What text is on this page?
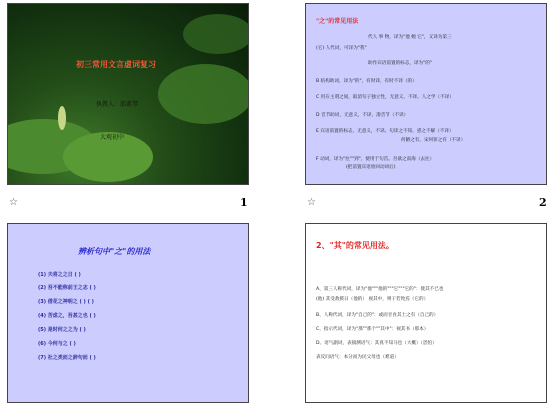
初三常用文言虚词复习
执教人：邵素琴
大观初中
☆	1
"之"的常见用法
代人 事 物，译为"他 她 它"，又译为第三
(它) 人代词，可译为"我"
助作宾语前置的标志，译为"的"
B 结构助词，译为"的"，有时译，有时不译（的）
C 用在主谓之间，取消句子独立性，无意义，不译。人之学（不译）
D 音节助词，无意义，不译，凑音节（不译）
E 宾语前置的标志，无意义，不译。句读之不知，惑之不解（不译）
何陋之有，宋何罪之有（不译）
F 动词，译为"往""到"，使用于句首。吾欲之南海（去往）
(把前置宾语放回动词后)
☆	2
辨析句中"之"的用法
(1) 夫将之之日 ( )
(2) 吾不能称前王之志 ( )
(3) 借花之神明之 ( ) ( )
(4) 苦虑之，吾甚之也 ( )
(5) 是时何之之为 ( )
(6) 今何与之 ( )
(7) 社之类而之辞句而 ( )
2、"其"的常见用法。
A、第三人称代词，译为"他"""他的"""它"""它的"：使其不已也
(他) 其受敌援日（他的） 视其中，则干若致焉（它的）
B、人称代词，译为"自己的"：或而甘食其土之有（自己的）
C、指示代词，译为"那""那个""其中"：视其书（那本）
D、语气副词，表揣测语气：其真不知马也（大概）（恐怕）
表反问语气：本分而为民父母也（难道）
